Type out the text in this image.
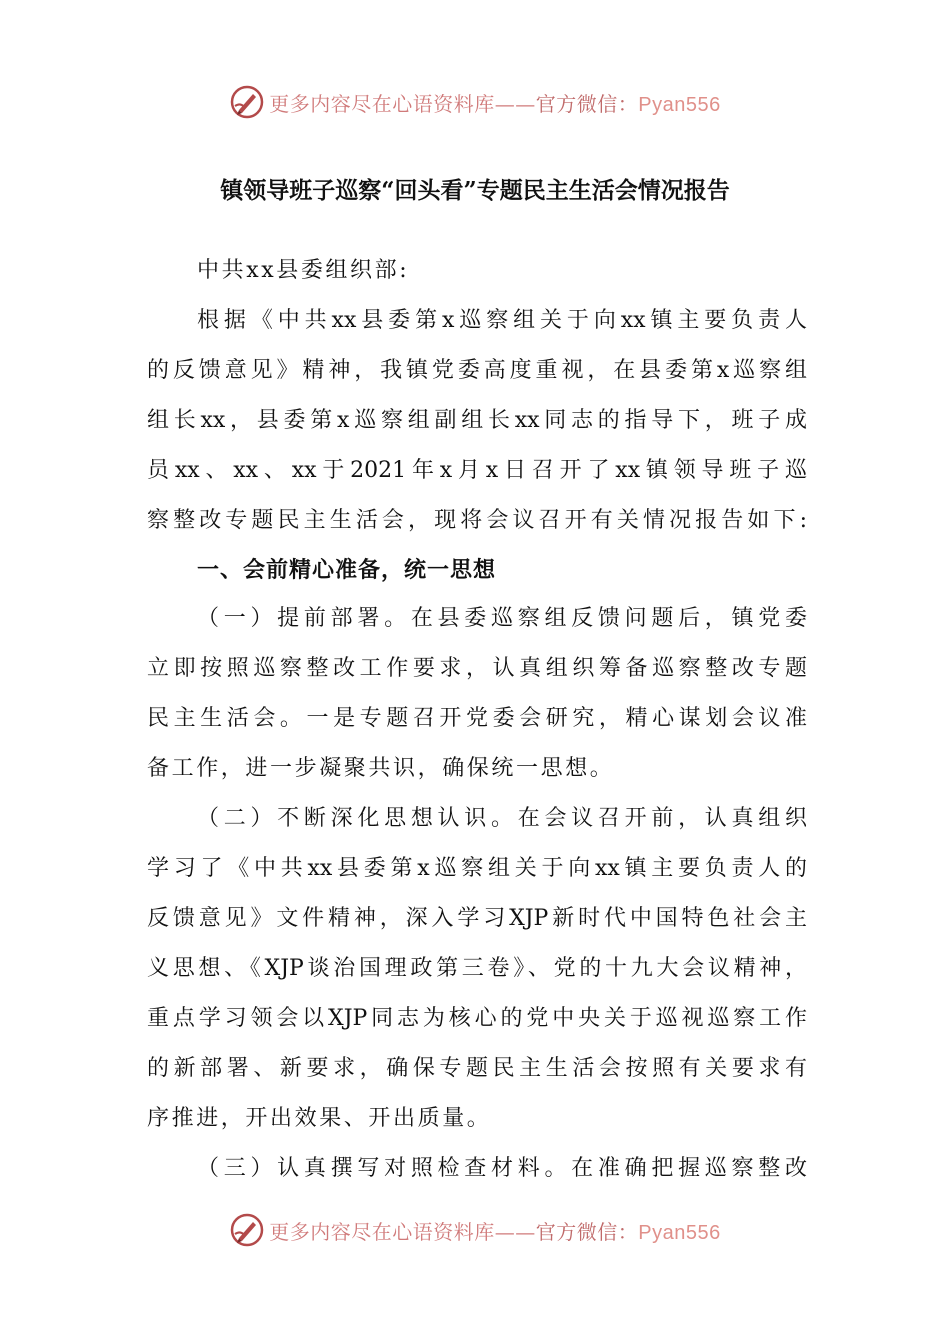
更多内容尽在心语资料库——官方微信：Pyan556
镇领导班子巡察“回头看”专题民主生活会情况报告
中共xx县委组织部:
根据《中共xx县委第x巡察组关于向xx镇主要负责人
的反馈意见》精神，我镇党委高度重视，在县委第x巡察组
组长xx，县委第x巡察组副组长xx同志的指导下，班子成
员xx、xx、xx于2021年x月x日召开了xx镇领导班子巡
察整改专题民主生活会，现将会议召开有关情况报告如下:
一、会前精心准备，统一思想
（一）提前部署。在县委巡察组反馈问题后，镇党委
立即按照巡察整改工作要求，认真组织筹备巡察整改专题
民主生活会。一是专题召开党委会研究，精心谋划会议准
备工作，进一步凝聚共识，确保统一思想。
（二）不断深化思想认识。在会议召开前，认真组织
学习了《中共xx县委第x巡察组关于向xx镇主要负责人的
反馈意见》文件精神，深入学习XJP新时代中国特色社会主
义思想、《XJP谈治国理政第三卷》、党的十九大会议精神，
重点学习领会以XJP同志为核心的党中央关于巡视巡察工作
的新部署、新要求，确保专题民主生活会按照有关要求有
序推进，开出效果、开出质量。
（三）认真撰写对照检查材料。在准确把握巡察整改
更多内容尽在心语资料库——官方微信：Pyan556
